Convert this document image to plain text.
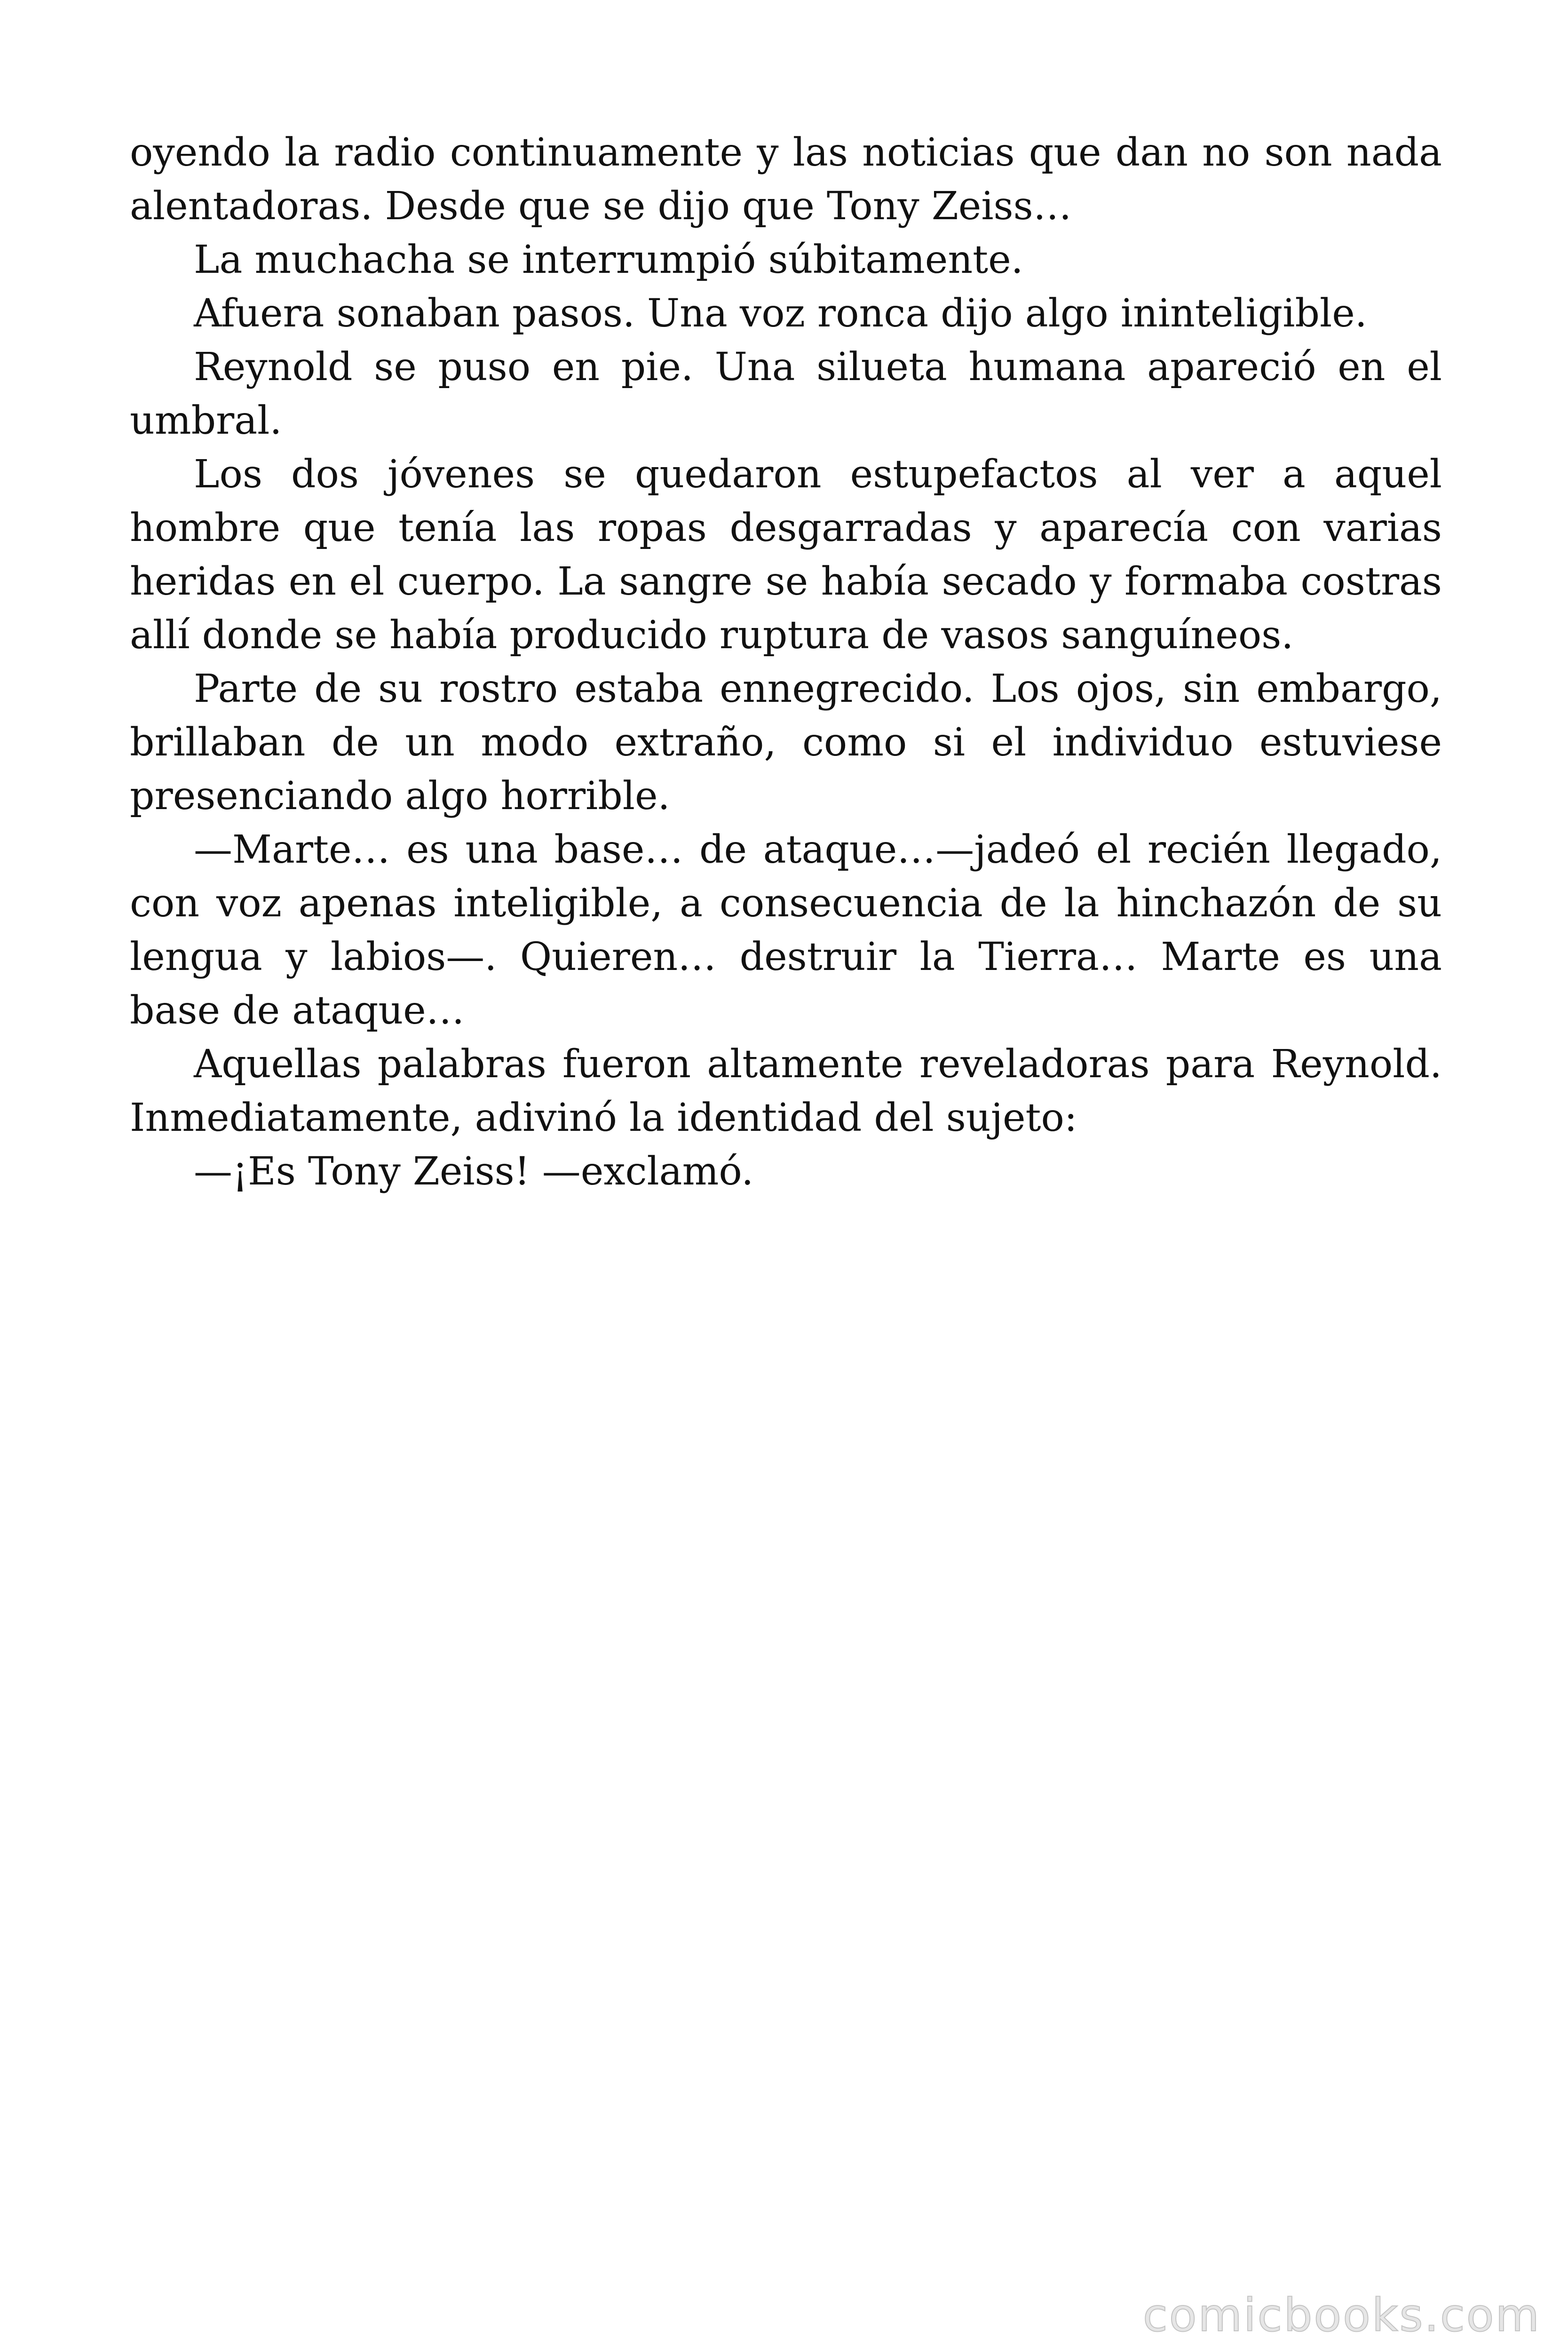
oyendo la radio continuamente y las noticias que dan no son nada alentadoras. Desde que se dijo que Tony Zeiss…

La muchacha se interrumpió súbitamente.

Afuera sonaban pasos. Una voz ronca dijo algo ininteligible.

Reynold se puso en pie. Una silueta humana apareció en el umbral.

Los dos jóvenes se quedaron estupefactos al ver a aquel hombre que tenía las ropas desgarradas y aparecía con varias heridas en el cuerpo. La sangre se había secado y formaba costras allí donde se había producido ruptura de vasos sanguíneos.

Parte de su rostro estaba ennegrecido. Los ojos, sin embargo, brillaban de un modo extraño, como si el individuo estuviese presenciando algo horrible.

—Marte… es una base… de ataque…—jadeó el recién llegado, con voz apenas inteligible, a consecuencia de la hinchazón de su lengua y labios—. Quieren… destruir la Tierra… Marte es una base de ataque…

Aquellas palabras fueron altamente reveladoras para Reynold. Inmediatamente, adivinó la identidad del sujeto:

—¡Es Tony Zeiss! —exclamó.

comicbooks.com
